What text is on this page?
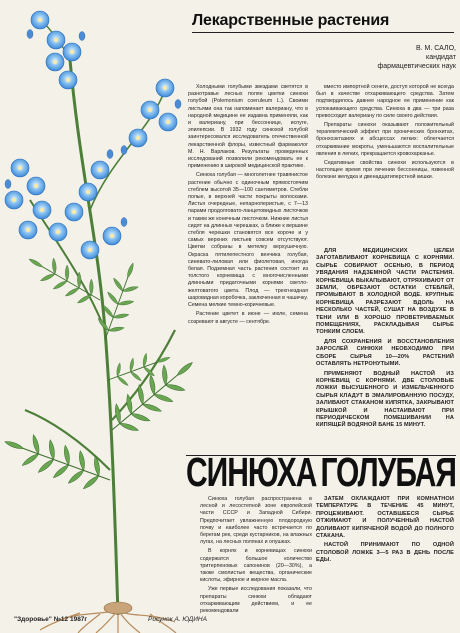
Лекарственные растения
В. М. САЛО,
кандидат
фармацевтических наук

Холодными голубыми звездами светятся в разнотравье лесных полян цветки синюхи голубой (Polemonium coeruleum L.). Своими листьями она так напоминает валериану, что в народной медицине ее издавна применяли, как и валериану, при бессоннице, испуге, эпилепсии. В 1932 году синюхой голубой заинтересовался исследователь отечественной лекарственной флоры, известный фармаколог М. Н. Варлаков. Результаты проведенных исследований позволили рекомендовать ее к применению в широкой медицинской практике.

Синюха голубая — многолетнее травянистое растение обычно с одиночным прямостоячим стеблем высотой 35—100 сантиметров. Стебли полые, в верхней части покрыты волосками. Листья очередные, непарноперистые, с 7—13 парами продолговато-ланцетовидных листочков и таким же конечным листочком. Нижние листья сидят на длинных черешках, а ближе к вершине стебля черешки становятся все короче и у самых верхних листьев совсем отсутствуют. Цветки собраны в метелку верхушечную. Окраска пятилепестного венчика голубая, синевато-лиловая или фиолетовая, иногда белая. Подземная часть растения состоит из толстого корневища с многочисленными длинными придаточными корнями светло-желтоватого цвета. Плод — трехгнездная шаровидная коробочка, заключенная в чашечку. Семена мелкие темно-коричневые.

Растение цветет в июне — июле, семена созревают в августе — сентябре.

вместо импортной сенеги, доступ которой не всегда был в качестве отхаркивающего средства. Затем подтвердилось давнее народное ее применение как успокаивающего средства. Синюха в два — три раза превосходит валериану по силе своего действия.

Препараты синюхи оказывают положительный терапевтический эффект при хронических бронхитах, бронхоэктазиях и абсцессах легких: облегчается отхаркивание мокроты, уменьшаются воспалительные явления в легких, прекращается кровохарканье.

Седативные свойства синюхи используются в настоящее время при лечении бессонницы, язвенной болезни желудка и двенадцатиперстной кишки.

ДЛЯ МЕДИЦИНСКИХ ЦЕЛЕЙ ЗАГОТАВЛИВАЮТ КОРНЕВИЩА С КОРНЯМИ. СЫРЬЕ СОБИРАЮТ ОСЕНЬЮ, В ПЕРИОД УВЯДАНИЯ НАДЗЕМНОЙ ЧАСТИ РАСТЕНИЯ. КОРНЕВИЩА ВЫКАПЫВАЮТ, ОТРЯХИВАЮТ ОТ ЗЕМЛИ, ОБРЕЗАЮТ ОСТАТКИ СТЕБЛЕЙ, ПРОМЫВАЮТ В ХОЛОДНОЙ ВОДЕ. КРУПНЫЕ КОРНЕВИЩА РАЗРЕЗАЮТ ВДОЛЬ НА НЕСКОЛЬКО ЧАСТЕЙ, СУШАТ НА ВОЗДУХЕ В ТЕНИ ИЛИ В ХОРОШО ПРОВЕТРИВАЕМЫХ ПОМЕЩЕНИЯХ, РАСКЛАДЫВАЯ СЫРЬЕ ТОНКИМ СЛОЕМ.

ДЛЯ СОХРАНЕНИЯ И ВОССТАНОВЛЕНИЯ ЗАРОСЛЕЙ СИНЮХИ НЕОБХОДИМО ПРИ СБОРЕ СЫРЬЯ 10—20% РАСТЕНИЙ ОСТАВЛЯТЬ НЕТРОНУТЫМИ.

ПРИМЕНЯЮТ ВОДНЫЙ НАСТОЙ ИЗ КОРНЕВИЩ С КОРНЯМИ. ДВЕ СТОЛОВЫЕ ЛОЖКИ ВЫСУШЕННОГО И ИЗМЕЛЬЧЕННОГО СЫРЬЯ КЛАДУТ В ЭМАЛИРОВАННУЮ ПОСУДУ, ЗАЛИВАЮТ СТАКАНОМ КИПЯТКА, ЗАКРЫВАЮТ КРЫШКОЙ И НАСТАИВАЮТ ПРИ ПЕРИОДИЧЕСКОМ ПОМЕШИВАНИИ НА КИПЯЩЕЙ ВОДЯНОЙ БАНЕ 15 МИНУТ.

СИНЮХА ГОЛУБАЯ

Синюха голубая распространена в лесной и лесостепной зоне европейской части СССР и Западной Сибири. Предпочитает увлажненную плодородную почву и наиболее часто встречается по берегам рек, среди кустарников, на влажных лугах, на лесных полянах и опушках.

В корнях и корневищах синюхи содержатся большое количество тритерпеновых сапонинов (20—30%), а также смолистые вещества, органические кислоты, эфирное и жирное масла.

Уже первые исследования показали, что препараты синюхи обладают отхаркивающим действием, и ее рекомендовали

ЗАТЕМ ОХЛАЖДАЮТ ПРИ КОМНАТНОЙ ТЕМПЕРАТУРЕ В ТЕЧЕНИЕ 45 МИНУТ, ПРОЦЕЖИВАЮТ. ОСТАВШЕЕСЯ СЫРЬЕ ОТЖИМАЮТ И ПОЛУЧЕННЫЙ НАСТОЙ ДОЛИВАЮТ КИПЯЧЕНОЙ ВОДОЙ ДО ПОЛНОГО СТАКАНА.

НАСТОЙ ПРИНИМАЮТ ПО ОДНОЙ СТОЛОВОЙ ЛОЖКЕ 3—5 РАЗ В ДЕНЬ ПОСЛЕ ЕДЫ.

"Здоровье" №12 1987г	Рисунок А. ЮДИНА
